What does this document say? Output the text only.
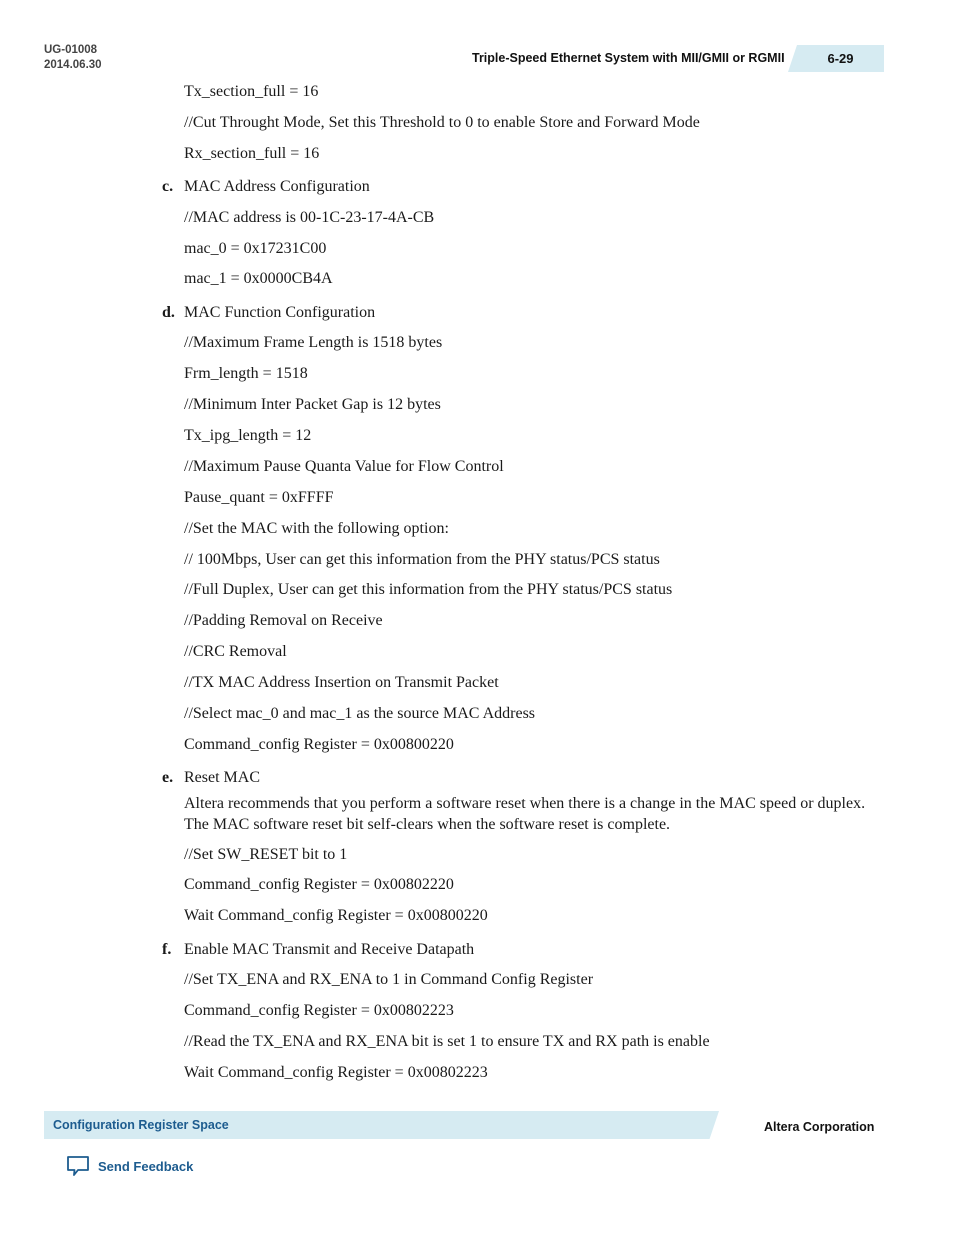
UG-01008
2014.06.30	Triple-Speed Ethernet System with MII/GMII or RGMII	6-29
Tx_section_full = 16
//Cut Throught Mode, Set this Threshold to 0 to enable Store and Forward Mode
Rx_section_full = 16
c. MAC Address Configuration
//MAC address is 00-1C-23-17-4A-CB
mac_0 = 0x17231C00
mac_1 = 0x0000CB4A
d. MAC Function Configuration
//Maximum Frame Length is 1518 bytes
Frm_length = 1518
//Minimum Inter Packet Gap is 12 bytes
Tx_ipg_length = 12
//Maximum Pause Quanta Value for Flow Control
Pause_quant = 0xFFFF
//Set the MAC with the following option:
// 100Mbps, User can get this information from the PHY status/PCS status
//Full Duplex, User can get this information from the PHY status/PCS status
//Padding Removal on Receive
//CRC Removal
//TX MAC Address Insertion on Transmit Packet
//Select mac_0 and mac_1 as the source MAC Address
Command_config Register = 0x00800220
e. Reset MAC
Altera recommends that you perform a software reset when there is a change in the MAC speed or duplex. The MAC software reset bit self-clears when the software reset is complete.
//Set SW_RESET bit to 1
Command_config Register = 0x00802220
Wait Command_config Register = 0x00800220
f. Enable MAC Transmit and Receive Datapath
//Set TX_ENA and RX_ENA to 1 in Command Config Register
Command_config Register = 0x00802223
//Read the TX_ENA and RX_ENA bit is set 1 to ensure TX and RX path is enable
Wait Command_config Register = 0x00802223
Configuration Register Space	Altera Corporation
Send Feedback
